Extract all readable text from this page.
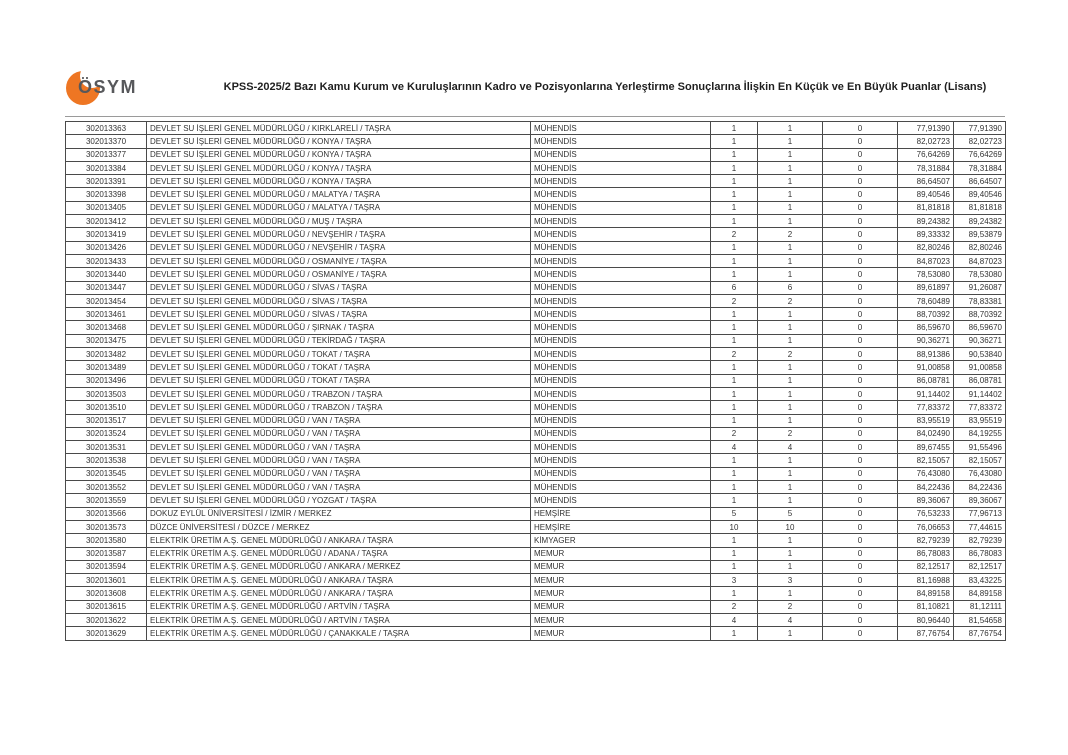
ÖSYM	KPSS-2025/2 Bazı Kamu Kurum ve Kuruluşlarının Kadro ve Pozisyonlarına Yerleştirme Sonuçlarına İlişkin En Küçük ve En Büyük Puanlar (Lisans)
302013363	DEVLET SU İŞLERİ GENEL MÜDÜRLÜĞÜ / KIRKLARELİ / TAŞRA	MÜHENDİS	1	1	0	77,91390	77,91390
302013370	DEVLET SU İŞLERİ GENEL MÜDÜRLÜĞÜ / KONYA / TAŞRA	MÜHENDİS	1	1	0	82,02723	82,02723
302013377	DEVLET SU İŞLERİ GENEL MÜDÜRLÜĞÜ / KONYA / TAŞRA	MÜHENDİS	1	1	0	76,64269	76,64269
302013384	DEVLET SU İŞLERİ GENEL MÜDÜRLÜĞÜ / KONYA / TAŞRA	MÜHENDİS	1	1	0	78,31884	78,31884
302013391	DEVLET SU İŞLERİ GENEL MÜDÜRLÜĞÜ / KONYA / TAŞRA	MÜHENDİS	1	1	0	86,64507	86,64507
302013398	DEVLET SU İŞLERİ GENEL MÜDÜRLÜĞÜ / MALATYA / TAŞRA	MÜHENDİS	1	1	0	89,40546	89,40546
302013405	DEVLET SU İŞLERİ GENEL MÜDÜRLÜĞÜ / MALATYA / TAŞRA	MÜHENDİS	1	1	0	81,81818	81,81818
302013412	DEVLET SU İŞLERİ GENEL MÜDÜRLÜĞÜ / MUŞ / TAŞRA	MÜHENDİS	1	1	0	89,24382	89,24382
302013419	DEVLET SU İŞLERİ GENEL MÜDÜRLÜĞÜ / NEVŞEHİR / TAŞRA	MÜHENDİS	2	2	0	89,33332	89,53879
302013426	DEVLET SU İŞLERİ GENEL MÜDÜRLÜĞÜ / NEVŞEHİR / TAŞRA	MÜHENDİS	1	1	0	82,80246	82,80246
302013433	DEVLET SU İŞLERİ GENEL MÜDÜRLÜĞÜ / OSMANİYE / TAŞRA	MÜHENDİS	1	1	0	84,87023	84,87023
302013440	DEVLET SU İŞLERİ GENEL MÜDÜRLÜĞÜ / OSMANİYE / TAŞRA	MÜHENDİS	1	1	0	78,53080	78,53080
302013447	DEVLET SU İŞLERİ GENEL MÜDÜRLÜĞÜ / SİVAS / TAŞRA	MÜHENDİS	6	6	0	89,61897	91,26087
302013454	DEVLET SU İŞLERİ GENEL MÜDÜRLÜĞÜ / SİVAS / TAŞRA	MÜHENDİS	2	2	0	78,60489	78,83381
302013461	DEVLET SU İŞLERİ GENEL MÜDÜRLÜĞÜ / SİVAS / TAŞRA	MÜHENDİS	1	1	0	88,70392	88,70392
302013468	DEVLET SU İŞLERİ GENEL MÜDÜRLÜĞÜ / ŞIRNAK / TAŞRA	MÜHENDİS	1	1	0	86,59670	86,59670
302013475	DEVLET SU İŞLERİ GENEL MÜDÜRLÜĞÜ / TEKİRDAĞ / TAŞRA	MÜHENDİS	1	1	0	90,36271	90,36271
302013482	DEVLET SU İŞLERİ GENEL MÜDÜRLÜĞÜ / TOKAT / TAŞRA	MÜHENDİS	2	2	0	88,91386	90,53840
302013489	DEVLET SU İŞLERİ GENEL MÜDÜRLÜĞÜ / TOKAT / TAŞRA	MÜHENDİS	1	1	0	91,00858	91,00858
302013496	DEVLET SU İŞLERİ GENEL MÜDÜRLÜĞÜ / TOKAT / TAŞRA	MÜHENDİS	1	1	0	86,08781	86,08781
302013503	DEVLET SU İŞLERİ GENEL MÜDÜRLÜĞÜ / TRABZON / TAŞRA	MÜHENDİS	1	1	0	91,14402	91,14402
302013510	DEVLET SU İŞLERİ GENEL MÜDÜRLÜĞÜ / TRABZON / TAŞRA	MÜHENDİS	1	1	0	77,83372	77,83372
302013517	DEVLET SU İŞLERİ GENEL MÜDÜRLÜĞÜ / VAN / TAŞRA	MÜHENDİS	1	1	0	83,95519	83,95519
302013524	DEVLET SU İŞLERİ GENEL MÜDÜRLÜĞÜ / VAN / TAŞRA	MÜHENDİS	2	2	0	84,02490	84,19255
302013531	DEVLET SU İŞLERİ GENEL MÜDÜRLÜĞÜ / VAN / TAŞRA	MÜHENDİS	4	4	0	89,67455	91,55496
302013538	DEVLET SU İŞLERİ GENEL MÜDÜRLÜĞÜ / VAN / TAŞRA	MÜHENDİS	1	1	0	82,15057	82,15057
302013545	DEVLET SU İŞLERİ GENEL MÜDÜRLÜĞÜ / VAN / TAŞRA	MÜHENDİS	1	1	0	76,43080	76,43080
302013552	DEVLET SU İŞLERİ GENEL MÜDÜRLÜĞÜ / VAN / TAŞRA	MÜHENDİS	1	1	0	84,22436	84,22436
302013559	DEVLET SU İŞLERİ GENEL MÜDÜRLÜĞÜ / YOZGAT / TAŞRA	MÜHENDİS	1	1	0	89,36067	89,36067
302013566	DOKUZ EYLÜL ÜNİVERSİTESİ / İZMİR / MERKEZ	HEMŞİRE	5	5	0	76,53233	77,96713
302013573	DÜZCE ÜNİVERSİTESİ / DÜZCE / MERKEZ	HEMŞİRE	10	10	0	76,06653	77,44615
302013580	ELEKTRİK ÜRETİM A.Ş. GENEL MÜDÜRLÜĞÜ / ANKARA / TAŞRA	KİMYAGER	1	1	0	82,79239	82,79239
302013587	ELEKTRİK ÜRETİM A.Ş. GENEL MÜDÜRLÜĞÜ / ADANA / TAŞRA	MEMUR	1	1	0	86,78083	86,78083
302013594	ELEKTRİK ÜRETİM A.Ş. GENEL MÜDÜRLÜĞÜ / ANKARA / MERKEZ	MEMUR	1	1	0	82,12517	82,12517
302013601	ELEKTRİK ÜRETİM A.Ş. GENEL MÜDÜRLÜĞÜ / ANKARA / TAŞRA	MEMUR	3	3	0	81,16988	83,43225
302013608	ELEKTRİK ÜRETİM A.Ş. GENEL MÜDÜRLÜĞÜ / ANKARA / TAŞRA	MEMUR	1	1	0	84,89158	84,89158
302013615	ELEKTRİK ÜRETİM A.Ş. GENEL MÜDÜRLÜĞÜ / ARTVİN / TAŞRA	MEMUR	2	2	0	81,10821	81,12111
302013622	ELEKTRİK ÜRETİM A.Ş. GENEL MÜDÜRLÜĞÜ / ARTVİN / TAŞRA	MEMUR	4	4	0	80,96440	81,54658
302013629	ELEKTRİK ÜRETİM A.Ş. GENEL MÜDÜRLÜĞÜ / ÇANAKKALE / TAŞRA	MEMUR	1	1	0	87,76754	87,76754
